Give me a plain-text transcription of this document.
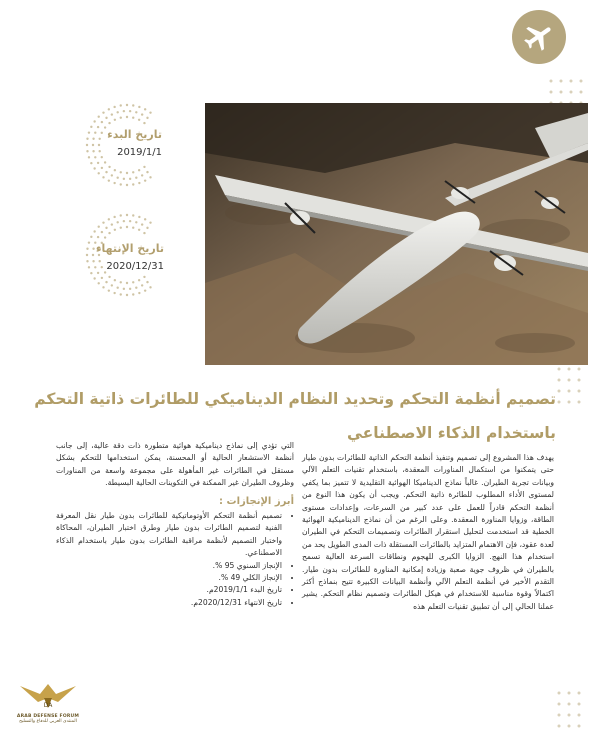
تاريخ البدء
2019/1/1
تاريخ الإنتهاء
2020/12/31
تصميم أنظمة التحكم وتحديد النظام الديناميكي للطائرات ذاتية التحكم
باستخدام الذكاء الاصطناعي

يهدف هذا المشروع إلى تصميم وتنفيذ أنظمة التحكم الذاتية للطائرات بدون طيار حتى يتمكنوا من استكمال المناورات المعقدة، باستخدام تقنيات التعلم الآلي وبيانات تجربة الطيران. غالباً نماذج الديناميكا الهوائية التقليدية لا تتميز بما يكفي لمستوى الأداء المطلوب للطائرة ذاتية التحكم. ويجب أن يكون هذا النوع من أنظمة التحكم قادراً للعمل على عدد كبير من السرعات، وإعدادات مستوى الطاقة، وزوايا المناورة المعقدة. وعلى الرغم من أن نماذج الديناميكية الهوائية الخطية قد استخدمت لتحليل استقرار الطائرات وتصميمات التحكم في الطيران لعدة عقود، فإن الاهتمام المتزايد بالطائرات المستقلة ذات المدى الطويل يحد من استخدام هذا النهج. الزوايا الكبرى للهجوم ونطاقات السرعة العالية تسمح بالطيران في ظروف جوية صعبة وزيادة إمكانية المناورة للطائرات بدون طيار. التقدم الأخير في أنظمة التعلم الآلي وأنظمة البيانات الكبيرة تتيح بنماذج أكثر اكتمالاً وقوة مناسبة للاستخدام في هيكل الطائرات وتصميم نظام التحكم. يشير عملنا الحالي إلى أن تطبيق تقنيات التعلم هذه

التي تؤدي إلى نماذج ديناميكية هوائية متطورة ذات دقة عالية، إلى جانب أنظمة الاستشعار الحالية أو المحسنة، يمكن استخدامها للتحكم بشكل مستقل في الطائرات غير المأهولة على مجموعة واسعة من المناورات وظروف الطيران غير الممكنة في التكوينات الحالية البسيطة.

أبرز الإنجازات :
• تصميم أنظمة التحكم الأوتوماتيكية للطائرات بدون طيار نقل المعرفة الفنية لتصميم الطائرات بدون طيار وطرق اختبار الطيران، المحاكاة واختبار التصميم لأنظمة مراقبة الطائرات بدون طيار باستخدام الذكاء الاصطناعي.
• الإنجاز السنوي 95 %.
• الإنجاز الكلي 49 %.
• تاريخ البدء 2019/1/1م.
• تاريخ الانتهاء 2020/12/31م.
DA
ARAB DEFENSE FORUM
المنتدى العربي للدفاع والتسليح
